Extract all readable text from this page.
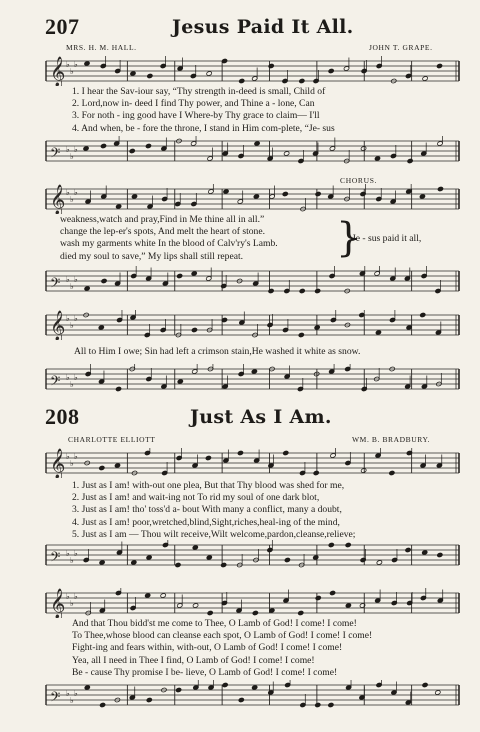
207	Jesus Paid It All.
MRS. H. M. HALL.	JOHN T. GRAPE.
𝄞 ♭
♭
♭
1. I hear the Sav-iour say, “Thy strength in-deed is small, Child of
2. Lord,now in- deed I find Thy power, and Thine a - lone, Can
3. For noth - ing good have I Where-by Thy grace to claim— I'll
4. And when, be - fore the throne, I stand in Him com-plete, “Je- sus
𝄢 ♭
♭
♭
CHORUS.
𝄞 ♭
♭
♭
weakness,watch and pray,Find in Me thine all in all.”
change the lep-er's spots, And melt the heart of stone.
wash my garments white In the blood of Calv'ry's Lamb.
died my soul to save,” My lips shall still repeat.	}
Je - sus paid it all,
𝄢 ♭
♭
♭
𝄞 ♭
♭
♭
All to Him I owe; Sin had left a crimson stain,He washed it white as snow.
𝄢 ♭
♭
♭
208	Just As I Am.
CHARLOTTE ELLIOTT	WM. B. BRADBURY.
𝄞 ♭
♭
♭
1. Just as I am! with-out one plea, But that Thy blood was shed for me,
2. Just as I am! and wait-ing not To rid my soul of one dark blot,
3. Just as I am! tho' toss'd a- bout With many a conflict, many a doubt,
4. Just as I am! poor,wretched,blind,Sight,riches,heal-ing of the mind,
5. Just as I am — Thou wilt receive,Wilt welcome,pardon,cleanse,relieve;
𝄢 ♭
♭
♭
𝄞 ♭
♭
♭
And that Thou bidd'st me come to Thee, O Lamb of God! I come! I come!
To Thee,whose blood can cleanse each spot, O Lamb of God! I come! I come!
Fight-ing and fears within, with-out, O Lamb of God! I come! I come!
Yea, all I need in Thee I find, O Lamb of God! I come! I come!
Be - cause Thy promise I be- lieve, O Lamb of God! I come! I come!
𝄢 ♭
♭
♭
